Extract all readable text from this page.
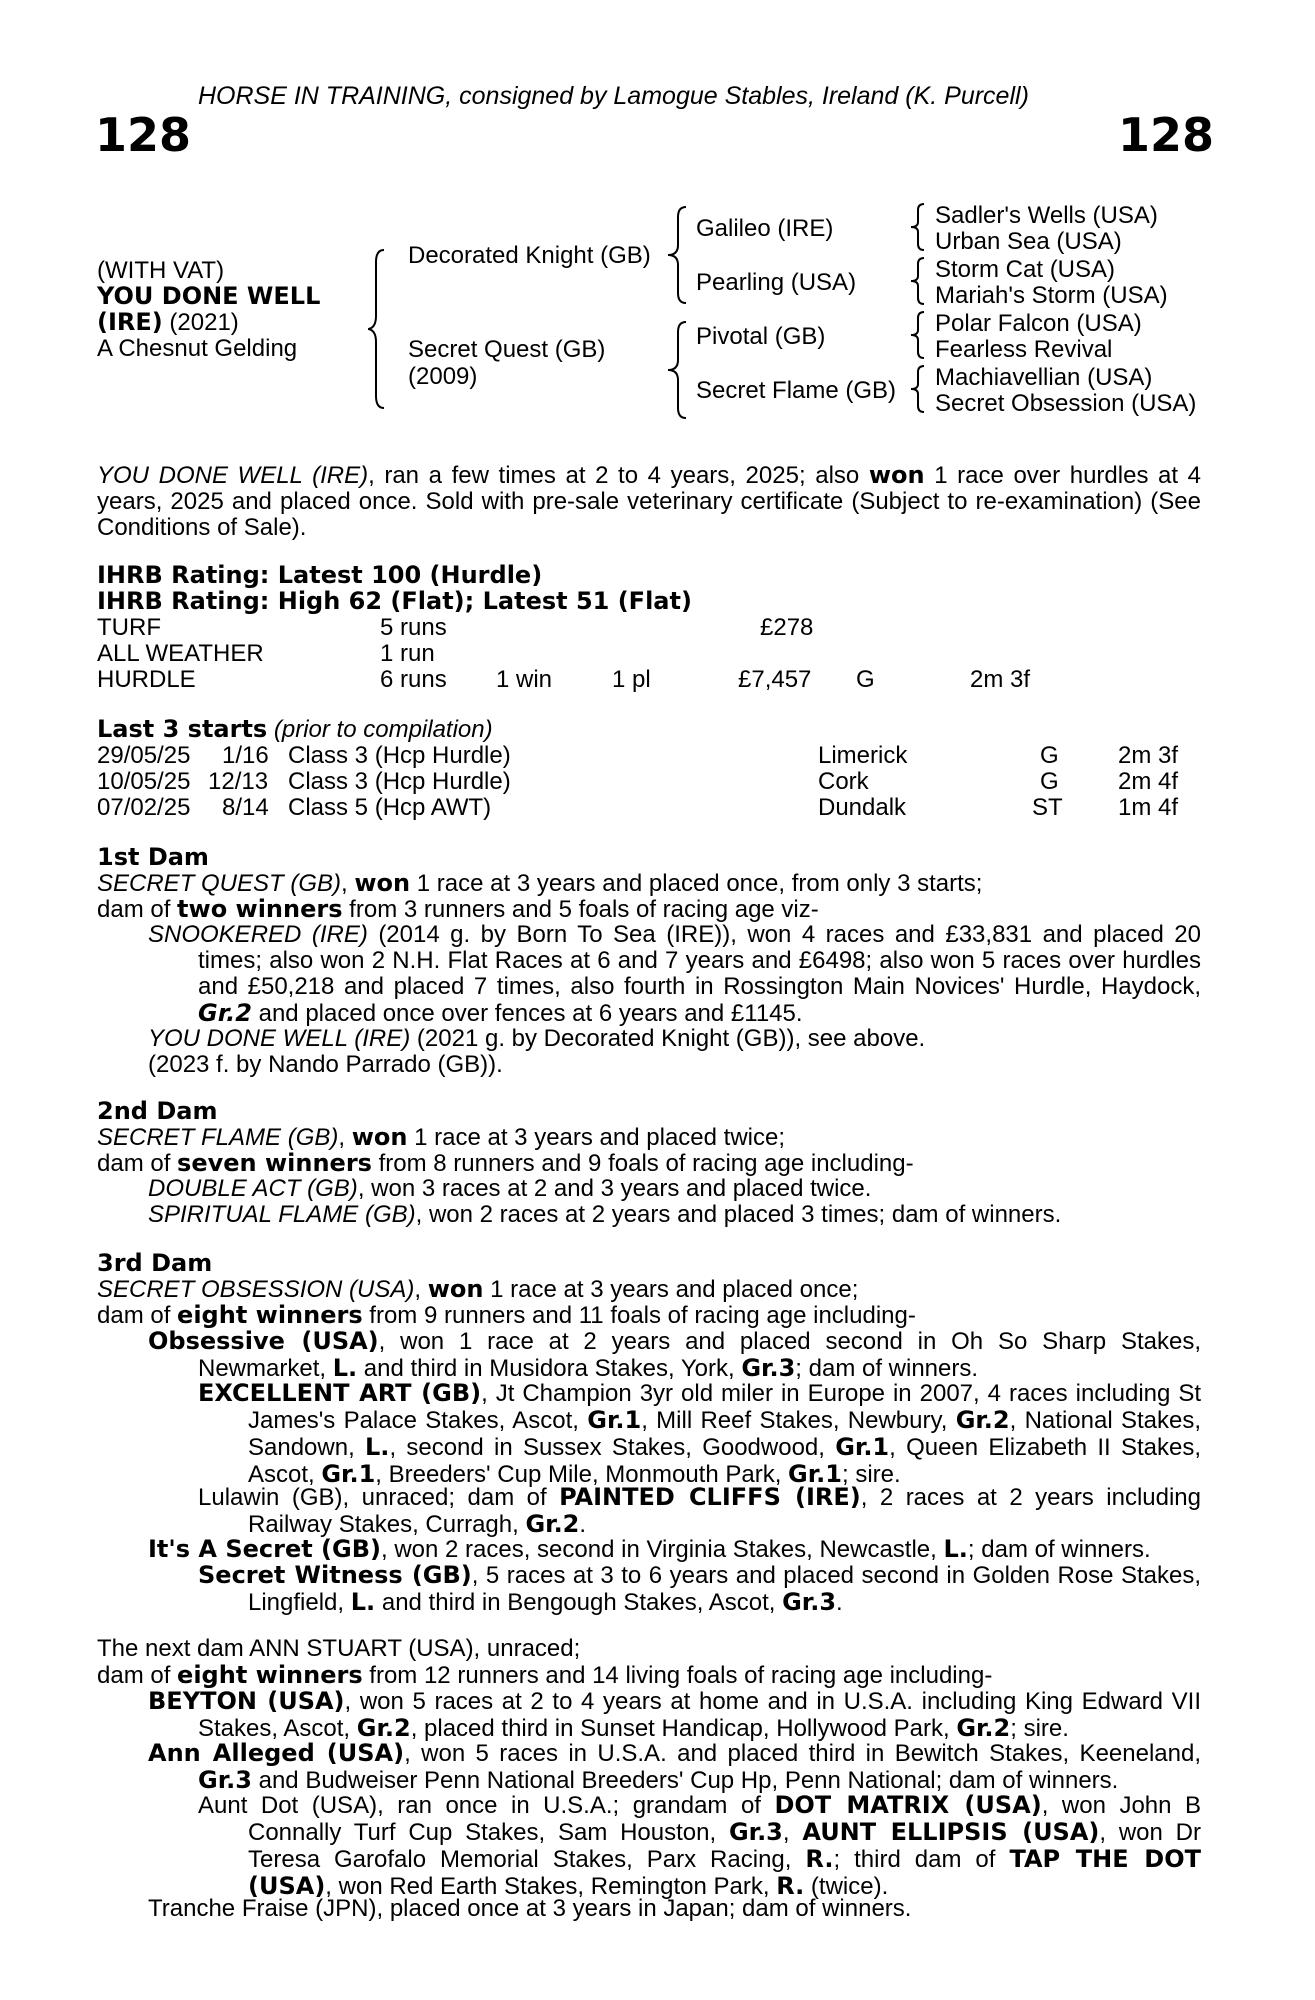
HORSE IN TRAINING, consigned by Lamogue Stables, Ireland (K. Purcell)
128	128
(WITH VAT)
YOU DONE WELL
(IRE) (2021)
A Chesnut Gelding
Decorated Knight (GB)
Secret Quest (GB)
(2009)
Galileo (IRE)
Pearling (USA)
Pivotal (GB)
Secret Flame (GB)
Sadler's Wells (USA)
Urban Sea (USA)
Storm Cat (USA)
Mariah's Storm (USA)
Polar Falcon (USA)
Fearless Revival
Machiavellian (USA)
Secret Obsession (USA)
YOU DONE WELL (IRE), ran a few times at 2 to 4 years, 2025; also won 1 race over hurdles at 4 years, 2025 and placed once. Sold with pre-sale veterinary certificate (Subject to re-examination) (See Conditions of Sale).
IHRB Rating: Latest 100 (Hurdle)
IHRB Rating: High 62 (Flat); Latest 51 (Flat)
TURF	5 runs	£278
ALL WEATHER	1 run
HURDLE	6 runs 1 win 1 pl	£7,457 G	2m 3f
Last 3 starts (prior to compilation)
29/05/25 1/16 Class 3 (Hcp Hurdle)	Limerick	G 2m 3f
10/05/25 12/13 Class 3 (Hcp Hurdle)	Cork	G 2m 4f
07/02/25 8/14 Class 5 (Hcp AWT)	Dundalk	ST 1m 4f
1st Dam
SECRET QUEST (GB), won 1 race at 3 years and placed once, from only 3 starts;
dam of two winners from 3 runners and 5 foals of racing age viz-
SNOOKERED (IRE) (2014 g. by Born To Sea (IRE)), won 4 races and £33,831 and placed 20 times; also won 2 N.H. Flat Races at 6 and 7 years and £6498; also won 5 races over hurdles and £50,218 and placed 7 times, also fourth in Rossington Main Novices' Hurdle, Haydock, Gr.2 and placed once over fences at 6 years and £1145.
YOU DONE WELL (IRE) (2021 g. by Decorated Knight (GB)), see above.
(2023 f. by Nando Parrado (GB)).
2nd Dam
SECRET FLAME (GB), won 1 race at 3 years and placed twice;
dam of seven winners from 8 runners and 9 foals of racing age including-
DOUBLE ACT (GB), won 3 races at 2 and 3 years and placed twice.
SPIRITUAL FLAME (GB), won 2 races at 2 years and placed 3 times; dam of winners.
3rd Dam
SECRET OBSESSION (USA), won 1 race at 3 years and placed once;
dam of eight winners from 9 runners and 11 foals of racing age including-
Obsessive (USA), won 1 race at 2 years and placed second in Oh So Sharp Stakes, Newmarket, L. and third in Musidora Stakes, York, Gr.3; dam of winners.
EXCELLENT ART (GB), Jt Champion 3yr old miler in Europe in 2007, 4 races including St James's Palace Stakes, Ascot, Gr.1, Mill Reef Stakes, Newbury, Gr.2, National Stakes, Sandown, L., second in Sussex Stakes, Goodwood, Gr.1, Queen Elizabeth II Stakes, Ascot, Gr.1, Breeders' Cup Mile, Monmouth Park, Gr.1; sire.
Lulawin (GB), unraced; dam of PAINTED CLIFFS (IRE), 2 races at 2 years including Railway Stakes, Curragh, Gr.2.
It's A Secret (GB), won 2 races, second in Virginia Stakes, Newcastle, L.; dam of winners.
Secret Witness (GB), 5 races at 3 to 6 years and placed second in Golden Rose Stakes, Lingfield, L. and third in Bengough Stakes, Ascot, Gr.3.
The next dam ANN STUART (USA), unraced;
dam of eight winners from 12 runners and 14 living foals of racing age including-
BEYTON (USA), won 5 races at 2 to 4 years at home and in U.S.A. including King Edward VII Stakes, Ascot, Gr.2, placed third in Sunset Handicap, Hollywood Park, Gr.2; sire.
Ann Alleged (USA), won 5 races in U.S.A. and placed third in Bewitch Stakes, Keeneland, Gr.3 and Budweiser Penn National Breeders' Cup Hp, Penn National; dam of winners.
Aunt Dot (USA), ran once in U.S.A.; grandam of DOT MATRIX (USA), won John B Connally Turf Cup Stakes, Sam Houston, Gr.3, AUNT ELLIPSIS (USA), won Dr Teresa Garofalo Memorial Stakes, Parx Racing, R.; third dam of TAP THE DOT (USA), won Red Earth Stakes, Remington Park, R. (twice).
Tranche Fraise (JPN), placed once at 3 years in Japan; dam of winners.
